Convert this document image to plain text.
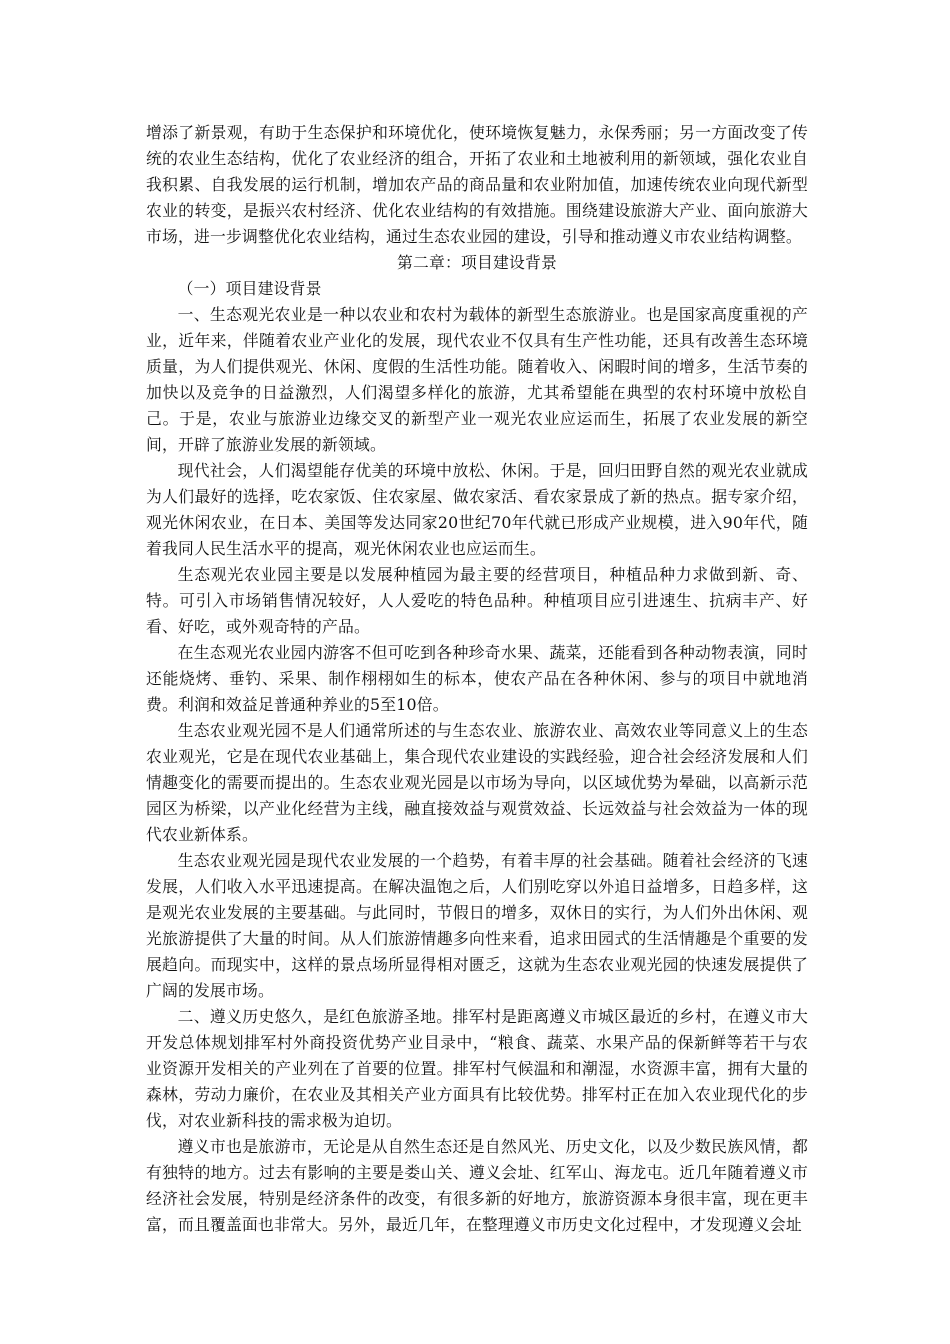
增添了新景观，有助于生态保护和环境优化，使环境恢复魅力，永保秀丽；另一方面改变了传统的农业生态结构，优化了农业经济的组合，开拓了农业和土地被利用的新领域，强化农业自我积累、自我发展的运行机制，增加农产品的商品量和农业附加值，加速传统农业向现代新型农业的转变，是振兴农村经济、优化农业结构的有效措施。围绕建设旅游大产业、面向旅游大市场，进一步调整优化农业结构，通过生态农业园的建设，引导和推动遵义市农业结构调整。

第二章：项目建设背景

（一）项目建设背景

一、生态观光农业是一种以农业和农村为载体的新型生态旅游业。也是国家高度重视的产业，近年来，伴随着农业产业化的发展，现代农业不仅具有生产性功能，还具有改善生态环境质量，为人们提供观光、休闲、度假的生活性功能。随着收入、闲暇时间的增多，生活节奏的加快以及竞争的日益激烈，人们渴望多样化的旅游，尤其希望能在典型的农村环境中放松自己。于是，农业与旅游业边缘交叉的新型产业一观光农业应运而生，拓展了农业发展的新空间，开辟了旅游业发展的新领域。

现代社会，人们渴望能存优美的环境中放松、休闲。于是，回归田野自然的观光农业就成为人们最好的选择，吃农家饭、住农家屋、做农家活、看农家景成了新的热点。据专家介绍，观光休闲农业，在日本、美国等发达同家20世纪70年代就已形成产业规模，进入90年代，随着我同人民生活水平的提高，观光休闲农业也应运而生。

生态观光农业园主要是以发展种植园为最主要的经营项目，种植品种力求做到新、奇、特。可引入市场销售情况较好，人人爱吃的特色品种。种植项目应引进速生、抗病丰产、好看、好吃，或外观奇特的产品。

在生态观光农业园内游客不但可吃到各种珍奇水果、蔬菜，还能看到各种动物表演，同时还能烧烤、垂钓、采果、制作栩栩如生的标本，使农产品在各种休闲、参与的项目中就地消费。利润和效益足普通种养业的5至10倍。

生态农业观光园不是人们通常所述的与生态农业、旅游农业、高效农业等同意义上的生态农业观光，它是在现代农业基础上，集合现代农业建设的实践经验，迎合社会经济发展和人们情趣变化的需要而提出的。生态农业观光园是以市场为导向，以区域优势为晕础，以高新示范园区为桥梁，以产业化经营为主线，融直接效益与观赏效益、长远效益与社会效益为一体的现代农业新体系。

生态农业观光园是现代农业发展的一个趋势，有着丰厚的社会基础。随着社会经济的飞速发展，人们收入水平迅速提高。在解决温饱之后，人们别吃穿以外追日益增多，日趋多样，这是观光农业发展的主要基础。与此同时，节假日的增多，双休日的实行，为人们外出休闲、观光旅游提供了大量的时间。从人们旅游情趣多向性来看，追求田园式的生活情趣是个重要的发展趋向。而现实中，这样的景点场所显得相对匮乏，这就为生态农业观光园的快速发展提供了广阔的发展市场。

二、遵义历史悠久，是红色旅游圣地。排军村是距离遵义市城区最近的乡村，在遵义市大开发总体规划排军村外商投资优势产业目录中，“粮食、蔬菜、水果产品的保新鲜等若干与农业资源开发相关的产业列在了首要的位置。排军村气候温和和潮湿，水资源丰富，拥有大量的森林，劳动力廉价，在农业及其相关产业方面具有比较优势。排军村正在加入农业现代化的步伐，对农业新科技的需求极为迫切。

遵义市也是旅游市，无论是从自然生态还是自然风光、历史文化，以及少数民族风情，都有独特的地方。过去有影响的主要是娄山关、遵义会址、红军山、海龙屯。近几年随着遵义市经济社会发展，特别是经济条件的改变，有很多新的好地方，旅游资源本身很丰富，现在更丰富，而且覆盖面也非常大。另外，最近几年，在整理遵义市历史文化过程中，才发现遵义会址
